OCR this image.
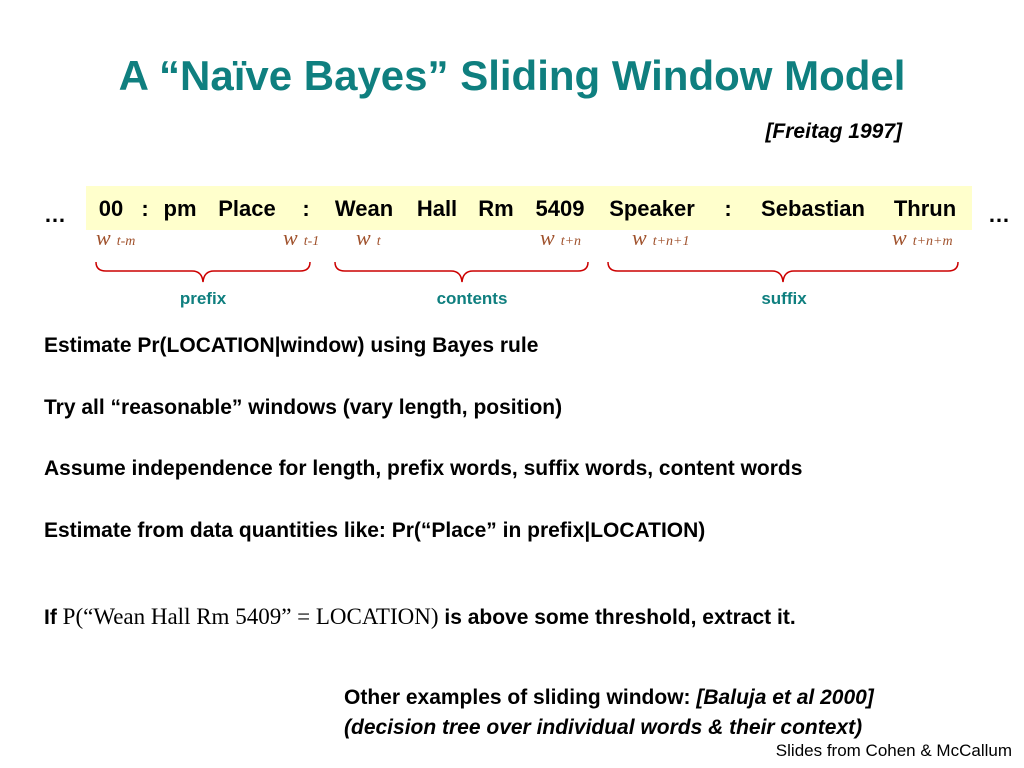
A “Naïve Bayes” Sliding Window Model
[Freitag 1997]
…	…
00 : pm Place : Wean Hall Rm 5409 Speaker : Sebastian Thrun
wt-m	wt-1 wt	wt+n wt+n+1	wt+n+m
prefix	contents	suffix
Estimate Pr(LOCATION|window) using Bayes rule
Try all “reasonable” windows (vary length, position)
Assume independence for length, prefix words, suffix words, content words
Estimate from data quantities like: Pr(“Place” in prefix|LOCATION)
If P(“Wean Hall Rm 5409” = LOCATION) is above some threshold, extract it.
Other examples of sliding window: [Baluja et al 2000]
(decision tree over individual words & their context)
Slides from Cohen & McCallum
